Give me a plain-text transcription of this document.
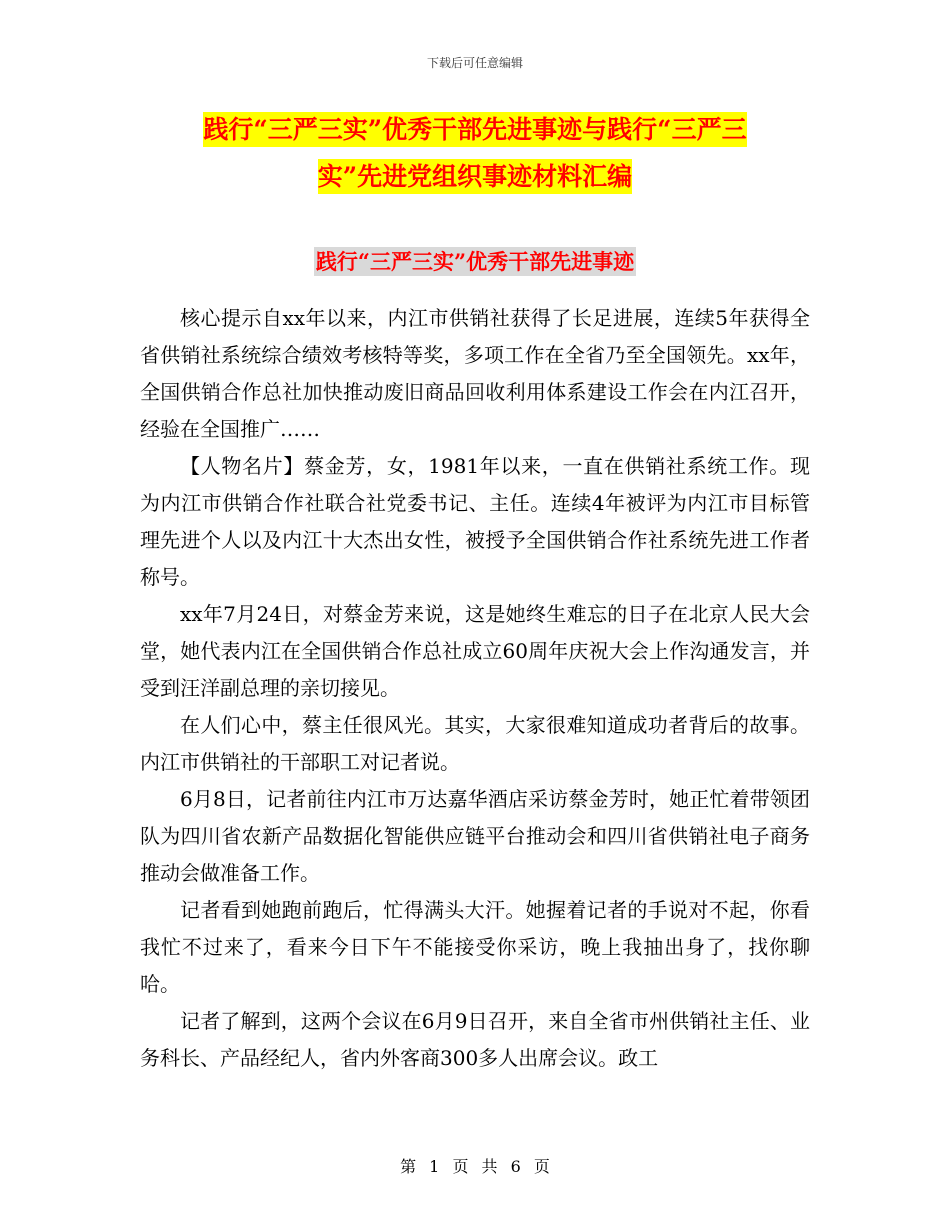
下载后可任意编辑
践行“三严三实”优秀干部先进事迹与践行“三严三
实”先进党组织事迹材料汇编
践行“三严三实”优秀干部先进事迹

核心提示自xx年以来，内江市供销社获得了长足进展，连续5年获得全省供销社系统综合绩效考核特等奖，多项工作在全省乃至全国领先。xx年，全国供销合作总社加快推动废旧商品回收利用体系建设工作会在内江召开，经验在全国推广……

【人物名片】蔡金芳，女，1981年以来，一直在供销社系统工作。现为内江市供销合作社联合社党委书记、主任。连续4年被评为内江市目标管理先进个人以及内江十大杰出女性，被授予全国供销合作社系统先进工作者称号。

xx年7月24日，对蔡金芳来说，这是她终生难忘的日子在北京人民大会堂，她代表内江在全国供销合作总社成立60周年庆祝大会上作沟通发言，并受到汪洋副总理的亲切接见。

在人们心中，蔡主任很风光。其实，大家很难知道成功者背后的故事。内江市供销社的干部职工对记者说。

6月8日，记者前往内江市万达嘉华酒店采访蔡金芳时，她正忙着带领团队为四川省农新产品数据化智能供应链平台推动会和四川省供销社电子商务推动会做准备工作。

记者看到她跑前跑后，忙得满头大汗。她握着记者的手说对不起，你看我忙不过来了，看来今日下午不能接受你采访，晚上我抽出身了，找你聊哈。

记者了解到，这两个会议在6月9日召开，来自全省市州供销社主任、业务科长、产品经纪人，省内外客商300多人出席会议。政工

第 1 页 共 6 页
